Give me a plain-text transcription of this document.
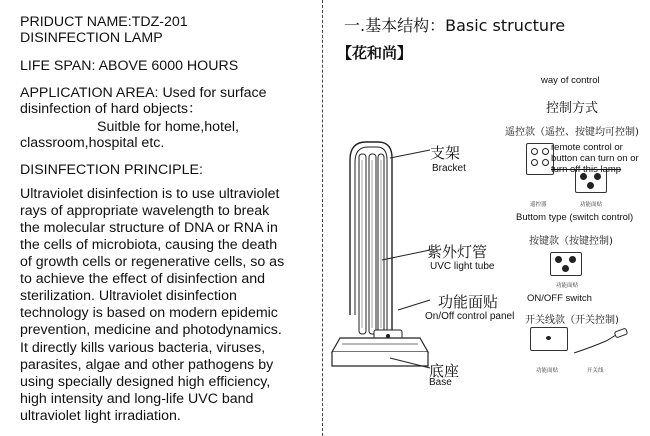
PRIDUCT NAME:TDZ-201
DISINFECTION LAMP
LIFE SPAN: ABOVE 6000 HOURS
APPLICATION AREA: Used for surface
disinfection of hard objects：
Suitble for home,hotel,
classroom,hospital etc.
DISINFECTION PRINCIPLE:
Ultraviolet disinfection is to use ultraviolet
rays of appropriate wavelength to break
the molecular structure of DNA or RNA in
the cells of microbiota, causing the death
of growth cells or regenerative cells, so as
to achieve the effect of disinfection and
sterilization. Ultraviolet disinfection
technology is based on modern epidemic
prevention, medicine and photodynamics.
It directly kills various bacteria, viruses,
parasites, algae and other pathogens by
using specially designed high efficiency,
high intensity and long-life UVC band
ultraviolet light irradiation.
一.基本结构：Basic structure
【花和尚】
支架
Bracket
紫外灯管
UVC light tube
功能面贴
On/Off control panel
底座
Base
way of control
控制方式
遥控款（遥控、按键均可控制)
remote control or
button can turn on or
turn off this lamp
遥控器	功能面贴
Buttom type (switch control)
按键款（按键控制)
功能面贴
ON/OFF switch
开关线款（开关控制)
功能面贴	开关线
